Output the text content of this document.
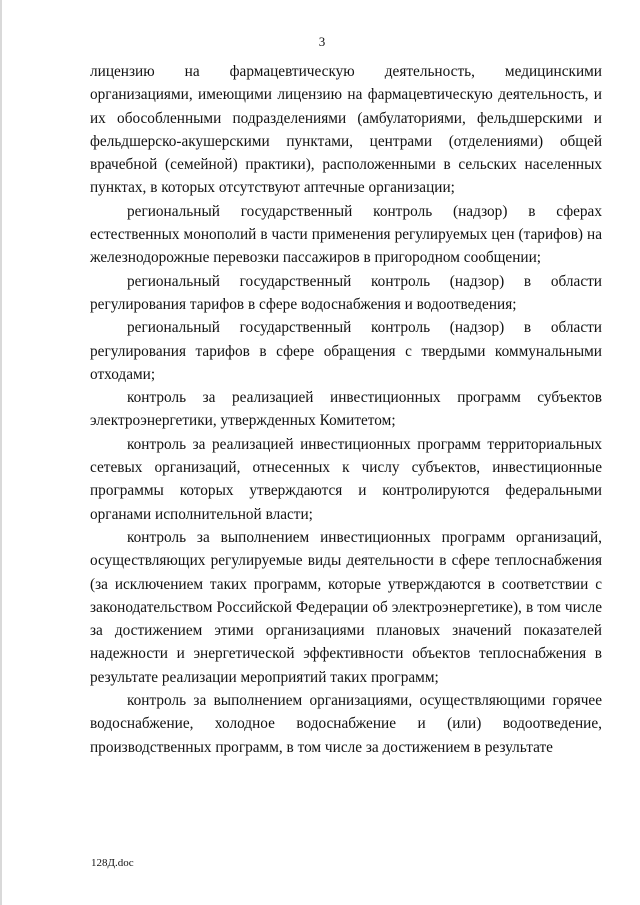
3

лицензию на фармацевтическую деятельность, медицинскими организациями, имеющими лицензию на фармацевтическую деятельность, и их обособленными подразделениями (амбулаториями, фельдшерскими и фельдшерско-акушерскими пунктами, центрами (отделениями) общей врачебной (семейной) практики), расположенными в сельских населенных пунктах, в которых отсутствуют аптечные организации;

региональный государственный контроль (надзор) в сферах естественных монополий в части применения регулируемых цен (тарифов) на железнодорожные перевозки пассажиров в пригородном сообщении;

региональный государственный контроль (надзор) в области регулирования тарифов в сфере водоснабжения и водоотведения;

региональный государственный контроль (надзор) в области регулирования тарифов в сфере обращения с твердыми коммунальными отходами;

контроль за реализацией инвестиционных программ субъектов электроэнергетики, утвержденных Комитетом;

контроль за реализацией инвестиционных программ территориальных сетевых организаций, отнесенных к числу субъектов, инвестиционные программы которых утверждаются и контролируются федеральными органами исполнительной власти;

контроль за выполнением инвестиционных программ организаций, осуществляющих регулируемые виды деятельности в сфере теплоснабжения (за исключением таких программ, которые утверждаются в соответствии с законодательством Российской Федерации об электроэнергетике), в том числе за достижением этими организациями плановых значений показателей надежности и энергетической эффективности объектов теплоснабжения в результате реализации мероприятий таких программ;

контроль за выполнением организациями, осуществляющими горячее водоснабжение, холодное водоснабжение и (или) водоотведение, производственных программ, в том числе за достижением в результате

128Д.doc
